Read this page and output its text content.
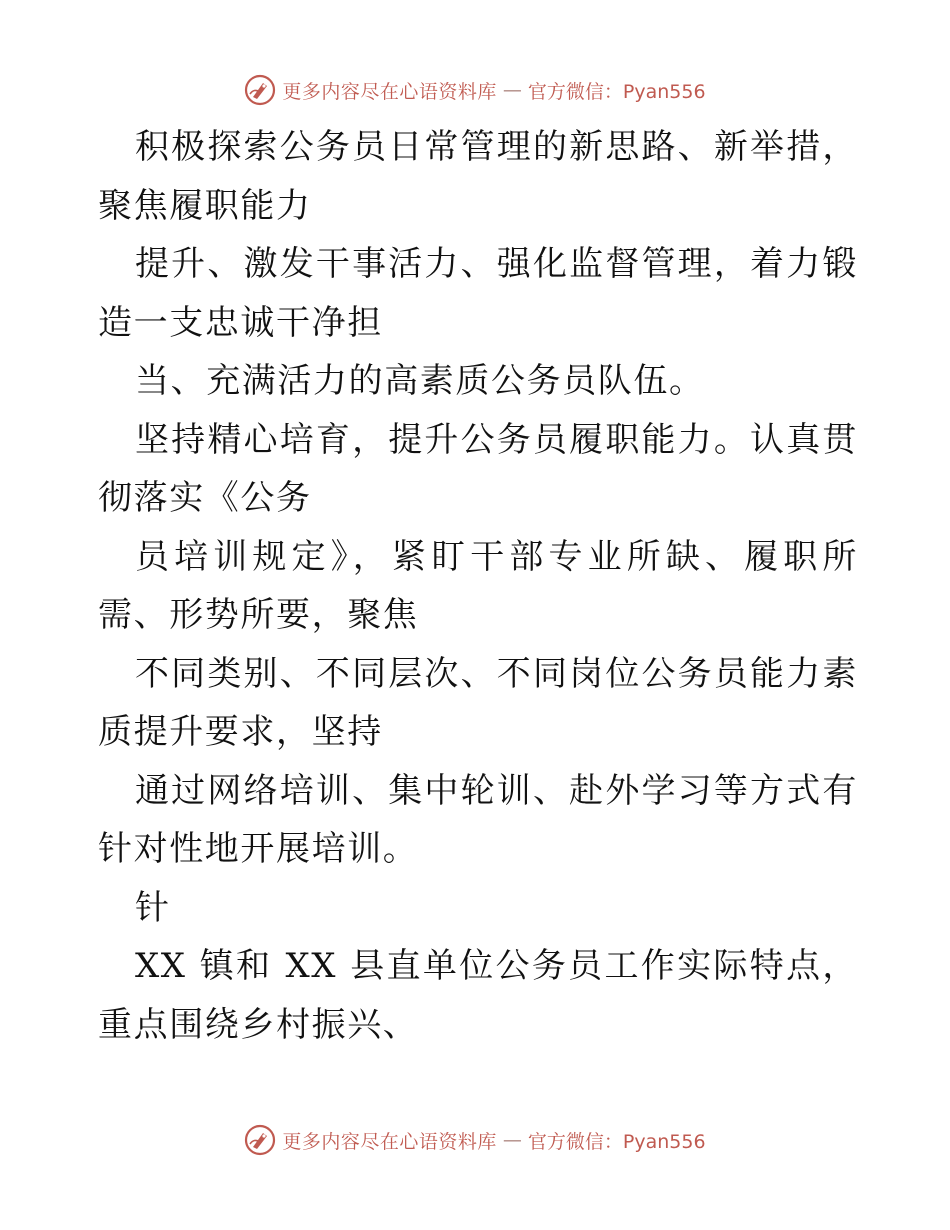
更多内容尽在心语资料库 — 官方微信：Pyan556

积极探索公务员日常管理的新思路、新举措，聚焦履职能力

提升、激发干事活力、强化监督管理，着力锻造一支忠诚干净担

当、充满活力的高素质公务员队伍。

坚持精心培育，提升公务员履职能力。认真贯彻落实《公务

员培训规定》，紧盯干部专业所缺、履职所需、形势所要，聚焦

不同类别、不同层次、不同岗位公务员能力素质提升要求，坚持

通过网络培训、集中轮训、赴外学习等方式有针对性地开展培训。

针

XX 镇和 XX 县直单位公务员工作实际特点，重点围绕乡村振兴、

更多内容尽在心语资料库 — 官方微信：Pyan556
